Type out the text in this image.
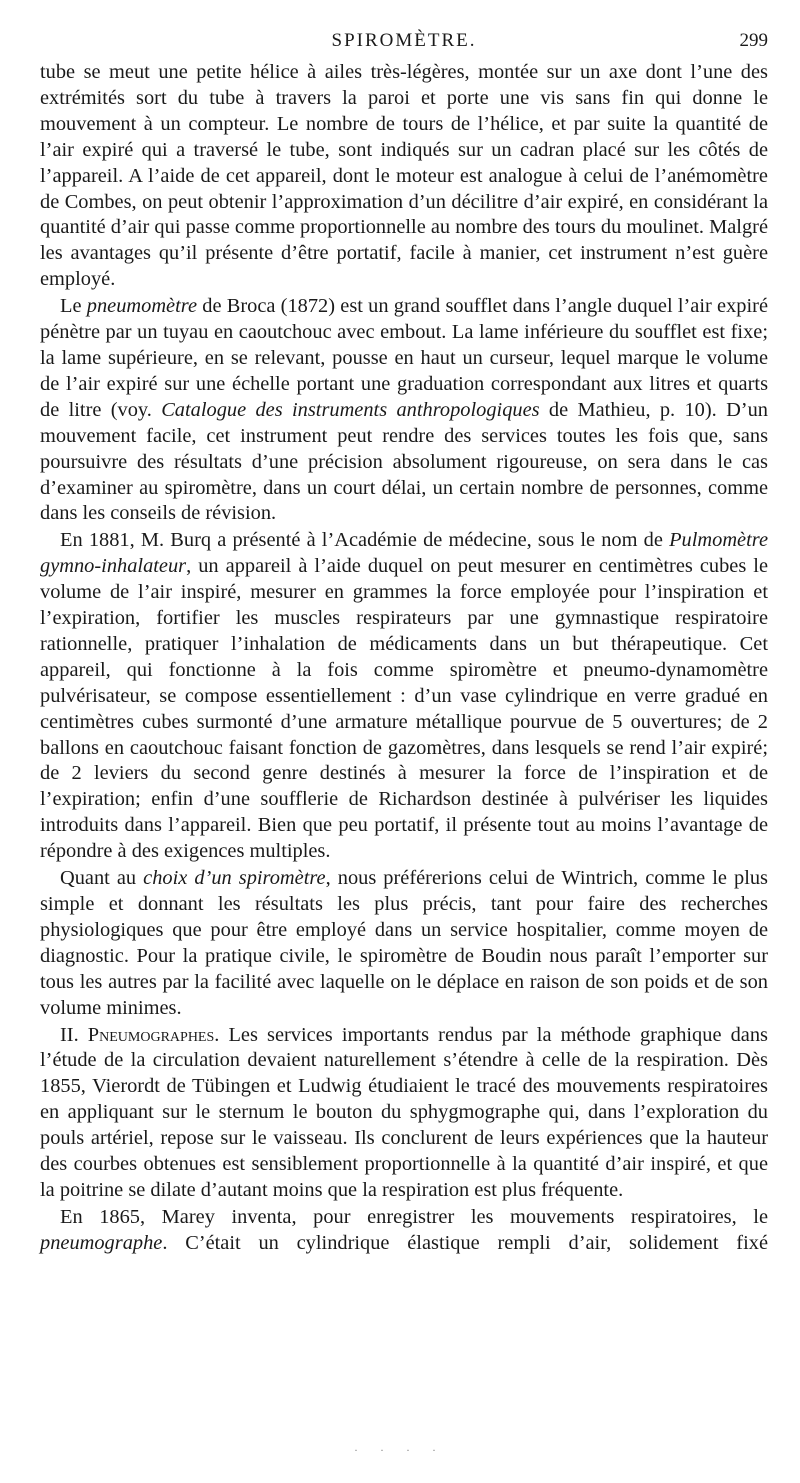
SPIROMÈTRE.	299

tube se meut une petite hélice à ailes très-légères, montée sur un axe dont l’une des extrémités sort du tube à travers la paroi et porte une vis sans fin qui donne le mouvement à un compteur. Le nombre de tours de l’hélice, et par suite la quantité de l’air expiré qui a traversé le tube, sont indiqués sur un cadran placé sur les côtés de l’appareil. A l’aide de cet appareil, dont le moteur est analogue à celui de l’anémomètre de Combes, on peut obtenir l’approximation d’un décilitre d’air expiré, en considérant la quantité d’air qui passe comme proportionnelle au nombre des tours du moulinet. Malgré les avantages qu’il présente d’être portatif, facile à manier, cet instrument n’est guère employé.

Le pneumomètre de Broca (1872) est un grand soufflet dans l’angle duquel l’air expiré pénètre par un tuyau en caoutchouc avec embout. La lame inférieure du soufflet est fixe; la lame supérieure, en se relevant, pousse en haut un curseur, lequel marque le volume de l’air expiré sur une échelle portant une graduation correspondant aux litres et quarts de litre (voy. Catalogue des instruments anthropologiques de Mathieu, p. 10). D’un mouvement facile, cet instrument peut rendre des services toutes les fois que, sans poursuivre des résultats d’une précision absolument rigoureuse, on sera dans le cas d’examiner au spiromètre, dans un court délai, un certain nombre de personnes, comme dans les conseils de révision.

En 1881, M. Burq a présenté à l’Académie de médecine, sous le nom de Pulmomètre gymno-inhalateur, un appareil à l’aide duquel on peut mesurer en centimètres cubes le volume de l’air inspiré, mesurer en grammes la force employée pour l’inspiration et l’expiration, fortifier les muscles respirateurs par une gymnastique respiratoire rationnelle, pratiquer l’inhalation de médicaments dans un but thérapeutique. Cet appareil, qui fonctionne à la fois comme spiromètre et pneumo-dynamomètre pulvérisateur, se compose essentiellement : d’un vase cylindrique en verre gradué en centimètres cubes surmonté d’une armature métallique pourvue de 5 ouvertures; de 2 ballons en caoutchouc faisant fonction de gazomètres, dans lesquels se rend l’air expiré; de 2 leviers du second genre destinés à mesurer la force de l’inspiration et de l’expiration; enfin d’une soufflerie de Richardson destinée à pulvériser les liquides introduits dans l’appareil. Bien que peu portatif, il présente tout au moins l’avantage de répondre à des exigences multiples.

Quant au choix d’un spiromètre, nous préférerions celui de Wintrich, comme le plus simple et donnant les résultats les plus précis, tant pour faire des recherches physiologiques que pour être employé dans un service hospitalier, comme moyen de diagnostic. Pour la pratique civile, le spiromètre de Boudin nous paraît l’emporter sur tous les autres par la facilité avec laquelle on le déplace en raison de son poids et de son volume minimes.

II. Pneumographes. Les services importants rendus par la méthode graphique dans l’étude de la circulation devaient naturellement s’étendre à celle de la respiration. Dès 1855, Vierordt de Tübingen et Ludwig étudiaient le tracé des mouvements respiratoires en appliquant sur le sternum le bouton du sphygmographe qui, dans l’exploration du pouls artériel, repose sur le vaisseau. Ils conclurent de leurs expériences que la hauteur des courbes obtenues est sensiblement proportionnelle à la quantité d’air inspiré, et que la poitrine se dilate d’autant moins que la respiration est plus fréquente.

En 1865, Marey inventa, pour enregistrer les mouvements respiratoires, le pneumographe. C’était un cylindrique élastique rempli d’air, solidement fixé

. . . .
